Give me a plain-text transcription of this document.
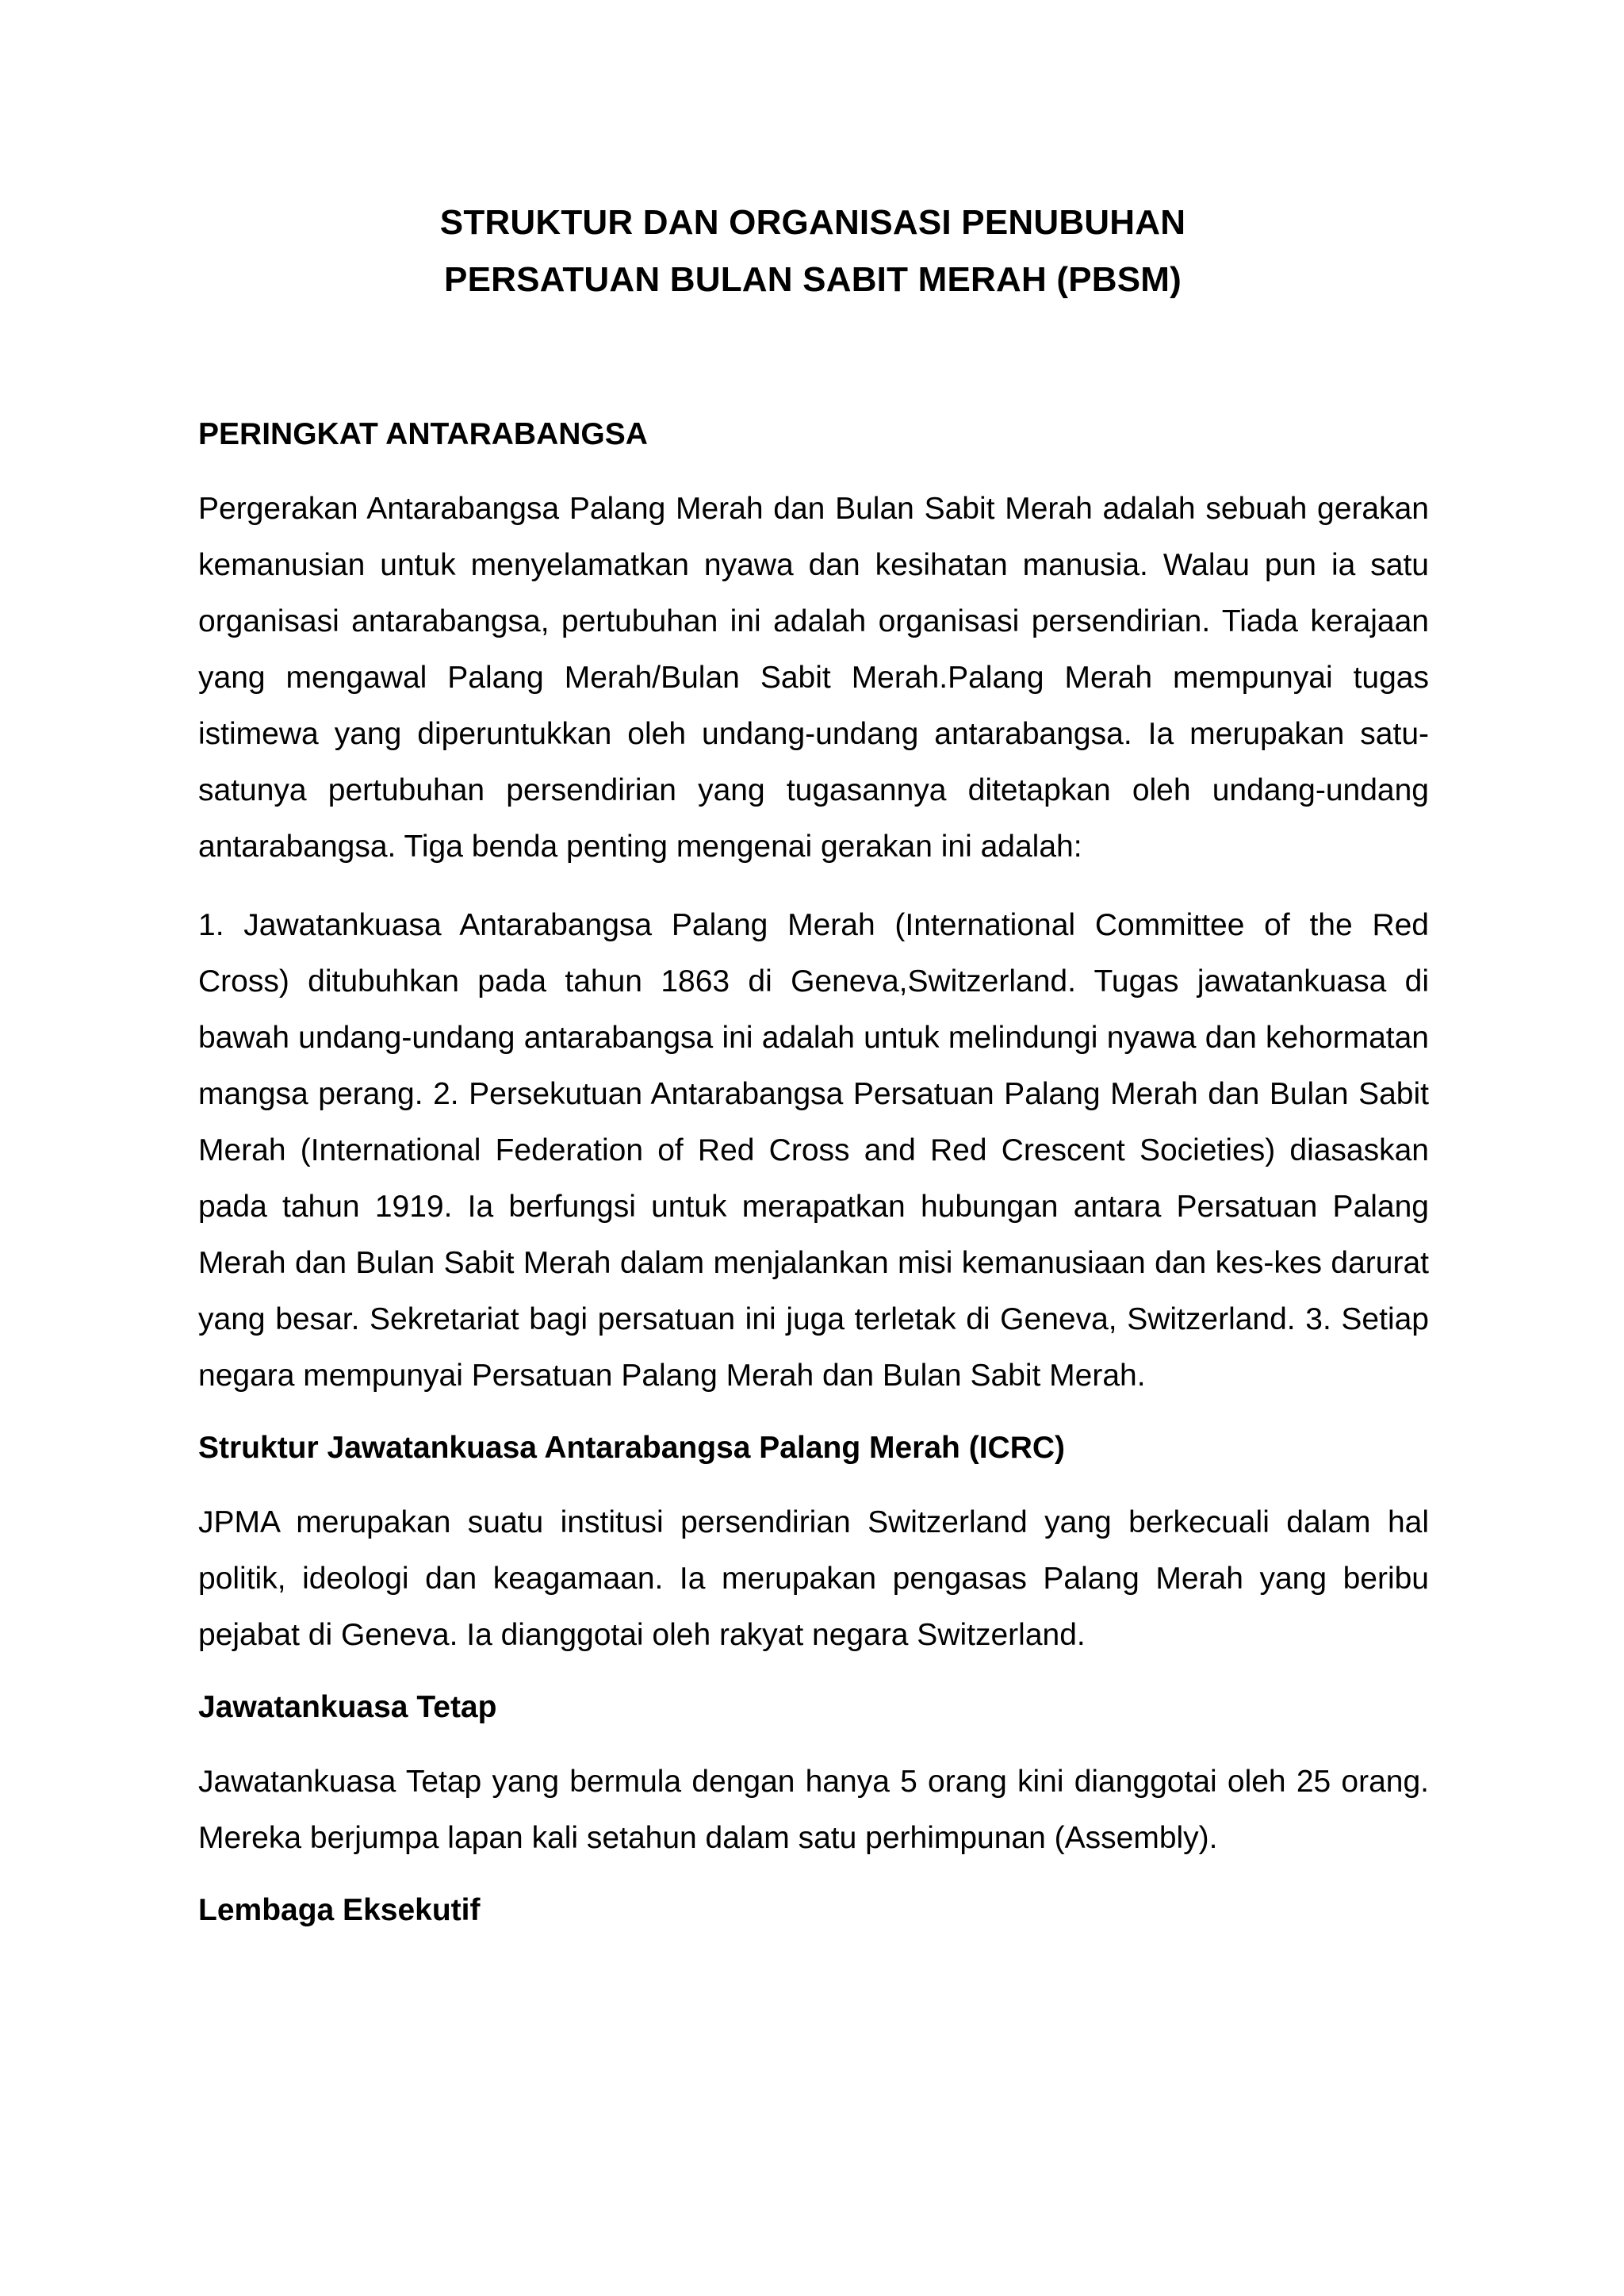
STRUKTUR DAN ORGANISASI PENUBUHAN
PERSATUAN BULAN SABIT MERAH (PBSM)
PERINGKAT ANTARABANGSA

Pergerakan Antarabangsa Palang Merah dan Bulan Sabit Merah adalah sebuah gerakan kemanusian untuk menyelamatkan nyawa dan kesihatan manusia. Walau pun ia satu organisasi antarabangsa, pertubuhan ini adalah organisasi persendirian. Tiada kerajaan yang mengawal Palang Merah/Bulan Sabit Merah.Palang Merah mempunyai tugas istimewa yang diperuntukkan oleh undang-undang antarabangsa. Ia merupakan satu-satunya pertubuhan persendirian yang tugasannya ditetapkan oleh undang-undang antarabangsa. Tiga benda penting mengenai gerakan ini adalah:

1. Jawatankuasa Antarabangsa Palang Merah (International Committee of the Red Cross) ditubuhkan pada tahun 1863 di Geneva,Switzerland. Tugas jawatankuasa di bawah undang-undang antarabangsa ini adalah untuk melindungi nyawa dan kehormatan mangsa perang. 2. Persekutuan Antarabangsa Persatuan Palang Merah dan Bulan Sabit Merah (International Federation of Red Cross and Red Crescent Societies) diasaskan pada tahun 1919. Ia berfungsi untuk merapatkan hubungan antara Persatuan Palang Merah dan Bulan Sabit Merah dalam menjalankan misi kemanusiaan dan kes-kes darurat yang besar. Sekretariat bagi persatuan ini juga terletak di Geneva, Switzerland. 3. Setiap negara mempunyai Persatuan Palang Merah dan Bulan Sabit Merah.

Struktur Jawatankuasa Antarabangsa Palang Merah (ICRC)

JPMA merupakan suatu institusi persendirian Switzerland yang berkecuali dalam hal politik, ideologi dan keagamaan. Ia merupakan pengasas Palang Merah yang beribu pejabat di Geneva. Ia dianggotai oleh rakyat negara Switzerland.

Jawatankuasa Tetap

Jawatankuasa Tetap yang bermula dengan hanya 5 orang kini dianggotai oleh 25 orang. Mereka berjumpa lapan kali setahun dalam satu perhimpunan (Assembly).

Lembaga Eksekutif
